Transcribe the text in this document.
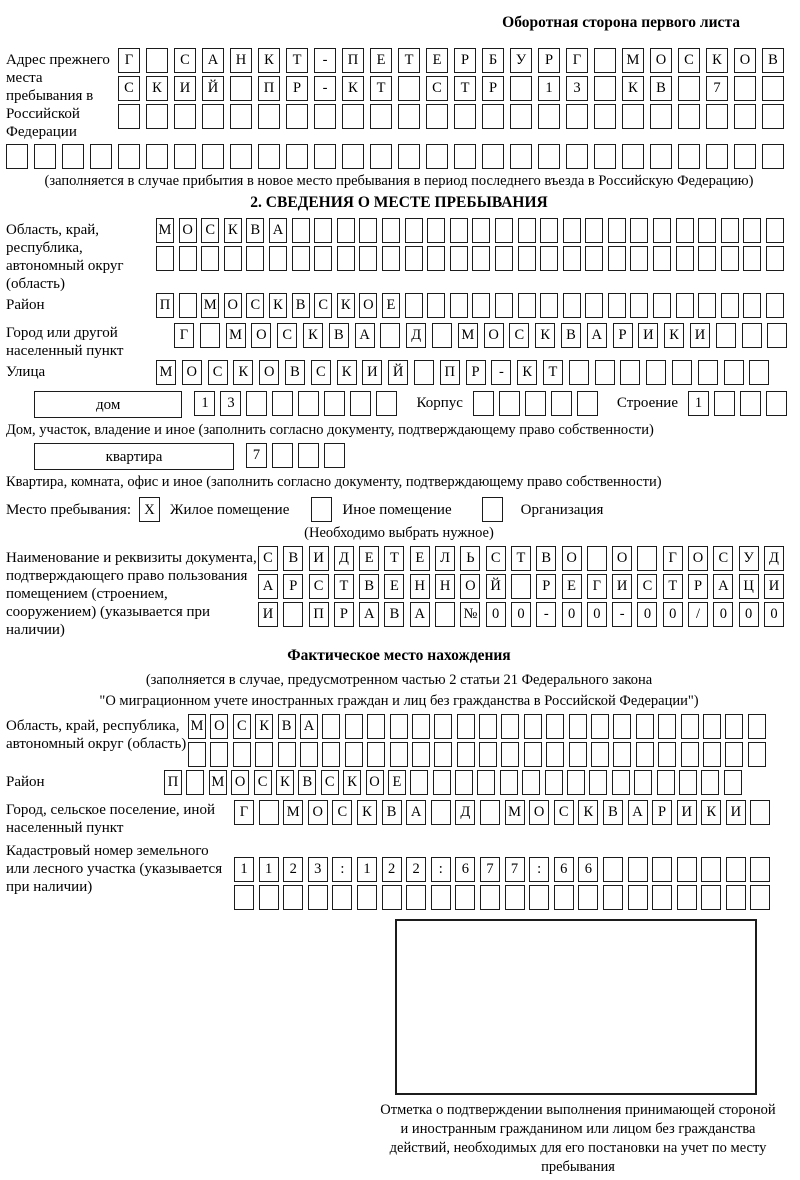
Оборотная сторона первого листа
Адрес прежнего места пребывания в Российской Федерации
Г	С	А	Н	К	Т	-	П	Е	Т	Е	Р	Б	У	Р	Г	М	О	С	К	О	В
С	К	И	Й	П	Р	-	К	Т	С	Т	Р	1	3	К	В	7
(заполняется в случае прибытия в новое место пребывания в период последнего въезда в Российскую Федерацию)
2. СВЕДЕНИЯ О МЕСТЕ ПРЕБЫВАНИЯ
Область, край, республика, автономный округ (область)
М О С К В А
Район	П М О С К В С К О Е
Город или другой населенный пункт
Г	М О	С	К	В	А	Д	М О	С	К	В	А	Р	И	К	И
Улица	М О	С	К	О	В	С	К	И	Й	П	Р	-	К	Т
дом	1	3	Корпус	Строение	1
Дом, участок, владение и иное (заполнить согласно документу, подтверждающему право собственности)
квартира	7
Квартира, комната, офис и иное (заполнить согласно документу, подтверждающему право собственности)
Место пребывания: X	Жилое помещение	Иное помещение	Организация
(Необходимо выбрать нужное)
Наименование и реквизиты документа, подтверждающего право пользования помещением (строением, сооружением) (указывается при наличии)
С	В	И	Д	Е	Т	Е	Л	Ь	С	Т	В	О	О	Г	О	С	У	Д
А	Р	С	Т	В	Е	Н	Н	О	Й	Р	Е	Г	И	С	Т	Р	А	Ц	И
И	П	Р	А	В	А	№	0	0	-	0	0	-	0	0	/	0	0	0
Фактическое место нахождения
(заполняется в случае, предусмотренном частью 2 статьи 21 Федерального закона
"О миграционном учете иностранных граждан и лиц без гражданства в Российской Федерации")
Область, край, республика, автономный округ (область)
М О С К В А
Район	П М О С К В С К О Е
Город, сельское поселение, иной населенный пункт
Г	М О	С	К	В	А	Д	М О	С	К	В	А	Р	И	К	И
Кадастровый номер земельного или лесного участка (указывается при наличии)
1	1	2	3	:	1	2	2	:	6	7	7	:	6	6
Отметка о подтверждении выполнения принимающей стороной и иностранным гражданином или лицом без гражданства действий, необходимых для его постановки на учет по месту пребывания
